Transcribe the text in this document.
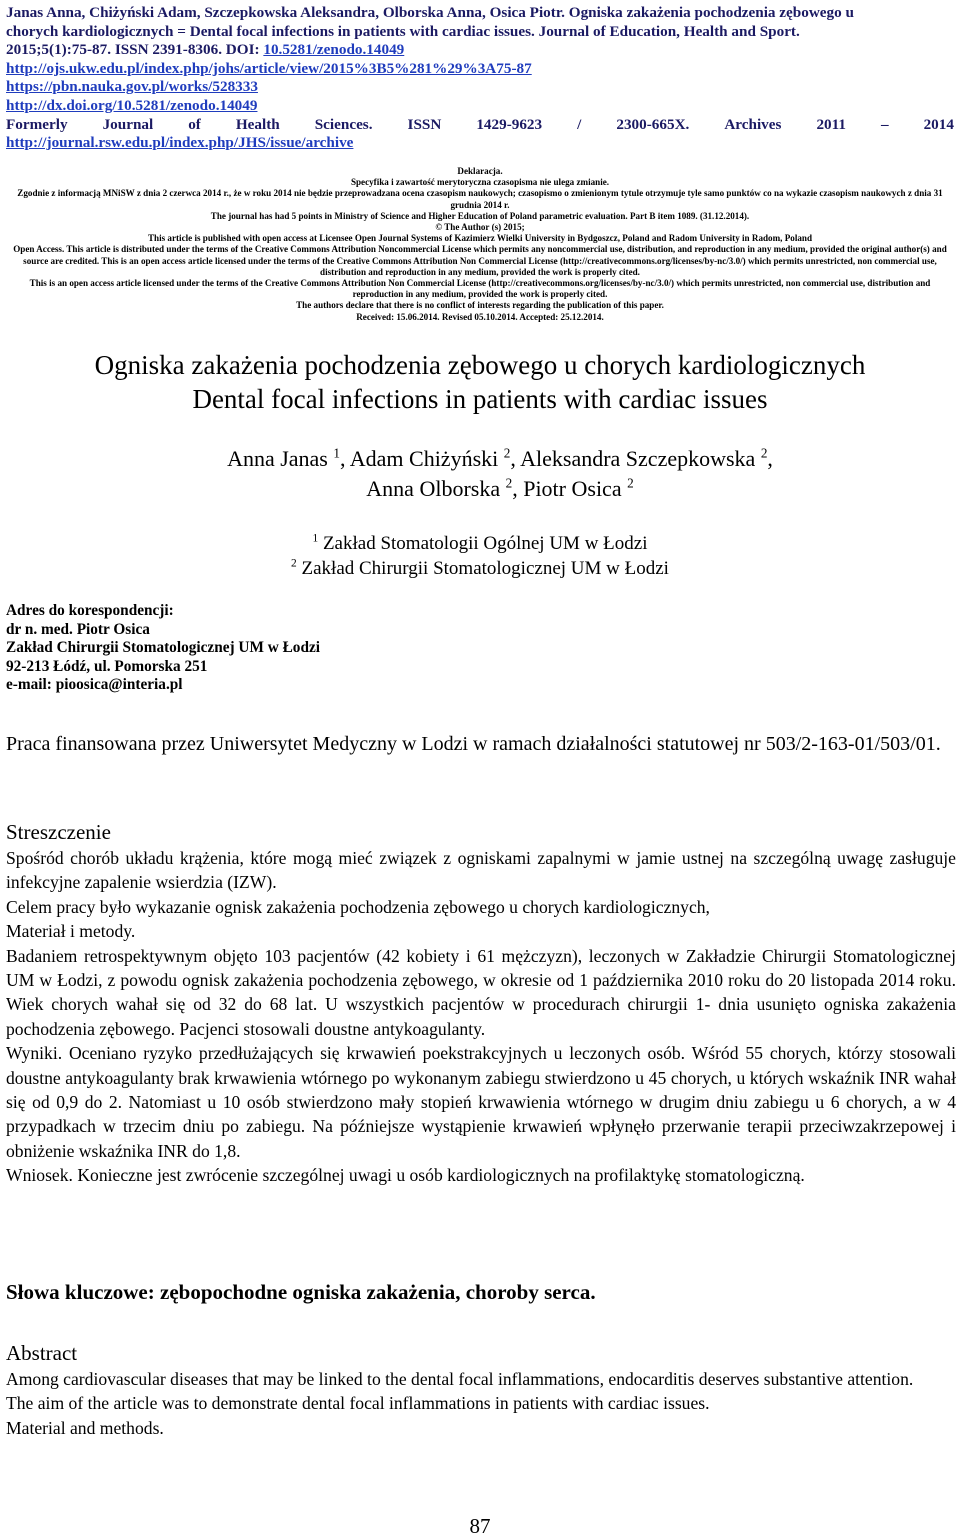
Janas Anna, Chiżyński Adam, Szczepkowska Aleksandra, Olborska Anna, Osica Piotr. Ogniska zakażenia pochodzenia zębowego u
chorych kardiologicznych = Dental focal infections in patients with cardiac issues. Journal of Education, Health and Sport.
2015;5(1):75-87. ISSN 2391-8306. DOI: 10.5281/zenodo.14049
http://ojs.ukw.edu.pl/index.php/johs/article/view/2015%3B5%281%29%3A75-87
https://pbn.nauka.gov.pl/works/528333
http://dx.doi.org/10.5281/zenodo.14049
Formerly Journal of Health Sciences. ISSN 1429-9623 / 2300-665X. Archives 2011 – 2014
http://journal.rsw.edu.pl/index.php/JHS/issue/archive

Deklaracja.

Specyfika i zawartość merytoryczna czasopisma nie ulega zmianie.

Zgodnie z informacją MNiSW z dnia 2 czerwca 2014 r., że w roku 2014 nie będzie przeprowadzana ocena czasopism naukowych; czasopismo o zmienionym tytule otrzymuje tyle samo punktów co na wykazie czasopism naukowych z dnia 31 grudnia 2014 r.

The journal has had 5 points in Ministry of Science and Higher Education of Poland parametric evaluation. Part B item 1089. (31.12.2014).

© The Author (s) 2015;

This article is published with open access at Licensee Open Journal Systems of Kazimierz Wielki University in Bydgoszcz, Poland and Radom University in Radom, Poland

Open Access. This article is distributed under the terms of the Creative Commons Attribution Noncommercial License which permits any noncommercial use, distribution, and reproduction in any medium, provided the original author(s) and source are credited. This is an open access article licensed under the terms of the Creative Commons Attribution Non Commercial License (http://creativecommons.org/licenses/by-nc/3.0/) which permits unrestricted, non commercial use, distribution and reproduction in any medium, provided the work is properly cited.

This is an open access article licensed under the terms of the Creative Commons Attribution Non Commercial License (http://creativecommons.org/licenses/by-nc/3.0/) which permits unrestricted, non commercial use, distribution and reproduction in any medium, provided the work is properly cited.

The authors declare that there is no conflict of interests regarding the publication of this paper.

Received: 15.06.2014. Revised 05.10.2014. Accepted: 25.12.2014.

Ogniska zakażenia pochodzenia zębowego u chorych kardiologicznych

Dental focal infections in patients with cardiac issues

Anna Janas $^1$, Adam Chiżyński $^2$, Aleksandra Szczepkowska $^2$,

Anna Olborska $^2$, Piotr Osica $^2$

$^1$ Zakład Stomatologii Ogólnej UM w Łodzi

$^2$ Zakład Chirurgii Stomatologicznej UM w Łodzi

Adres do korespondencji:

dr n. med. Piotr Osica

Zakład Chirurgii Stomatologicznej UM w Łodzi

92-213 Łódź, ul. Pomorska 251

e-mail: pioosica@interia.pl

Praca finansowana przez Uniwersytet Medyczny w Lodzi w ramach działalności statutowej nr 503/2-163-01/503/01.

Streszczenie

Spośród chorób układu krążenia, które mogą mieć związek z ogniskami zapalnymi w jamie ustnej na szczególną uwagę zasługuje infekcyjne zapalenie wsierdzia (IZW).

Celem pracy było wykazanie ognisk zakażenia pochodzenia zębowego u chorych kardiologicznych,

Materiał i metody.

Badaniem retrospektywnym objęto 103 pacjentów (42 kobiety i 61 mężczyzn), leczonych w Zakładzie Chirurgii Stomatologicznej UM w Łodzi, z powodu ognisk zakażenia pochodzenia zębowego, w okresie od 1 października 2010 roku do 20 listopada 2014 roku. Wiek chorych wahał się od 32 do 68 lat. U wszystkich pacjentów w procedurach chirurgii 1- dnia usunięto ogniska zakażenia pochodzenia zębowego. Pacjenci stosowali doustne antykoagulanty.

Wyniki. Oceniano ryzyko przedłużających się krwawień poekstrakcyjnych u leczonych osób. Wśród 55 chorych, którzy stosowali doustne antykoagulanty brak krwawienia wtórnego po wykonanym zabiegu stwierdzono u 45 chorych, u których wskaźnik INR wahał się od 0,9 do 2. Natomiast u 10 osób stwierdzono mały stopień krwawienia wtórnego w drugim dniu zabiegu u 6 chorych, a w 4 przypadkach w trzecim dniu po zabiegu. Na późniejsze wystąpienie krwawień wpłynęło przerwanie terapii przeciwzakrzepowej i obniżenie wskaźnika INR do 1,8.

Wniosek. Konieczne jest zwrócenie szczególnej uwagi u osób kardiologicznych na profilaktykę stomatologiczną.

Słowa kluczowe: zębopochodne ogniska zakażenia, choroby serca.
Abstract

Among cardiovascular diseases that may be linked to the dental focal inflammations, endocarditis deserves substantive attention.

The aim of the article was to demonstrate dental focal inflammations in patients with cardiac issues.

Material and methods.

87
